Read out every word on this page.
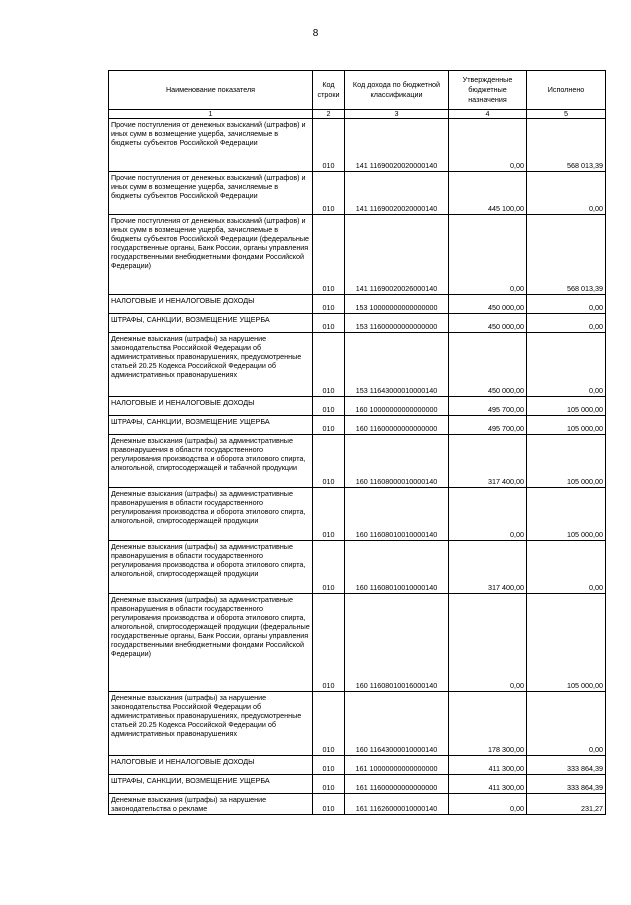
8
Наименование показателя	Код строки	Код дохода по бюджетной классификации	Утвержденные бюджетные назначения	Исполнено
1	2	3	4	5
Прочие поступления от денежных взысканий (штрафов) и иных сумм в возмещение ущерба, зачисляемые в бюджеты субъектов Российской Федерации	010	141 11690020020000140	0,00	568 013,39
Прочие поступления от денежных взысканий (штрафов) и иных сумм в возмещение ущерба, зачисляемые в бюджеты субъектов Российской Федерации	010	141 11690020020000140	445 100,00	0,00
Прочие поступления от денежных взысканий (штрафов) и иных сумм в возмещение ущерба, зачисляемые в бюджеты субъектов Российской Федерации (федеральные государственные органы, Банк России, органы управления государственными внебюджетными фондами Российской Федерации)	010	141 11690020026000140	0,00	568 013,39
НАЛОГОВЫЕ И НЕНАЛОГОВЫЕ ДОХОДЫ	010	153 10000000000000000	450 000,00	0,00
ШТРАФЫ, САНКЦИИ, ВОЗМЕЩЕНИЕ УЩЕРБА	010	153 11600000000000000	450 000,00	0,00
Денежные взыскания (штрафы) за нарушение законодательства Российской Федерации об административных правонарушениях, предусмотренные статьей 20.25 Кодекса Российской Федерации об административных правонарушениях	010	153 11643000010000140	450 000,00	0,00
НАЛОГОВЫЕ И НЕНАЛОГОВЫЕ ДОХОДЫ	010	160 10000000000000000	495 700,00	105 000,00
ШТРАФЫ, САНКЦИИ, ВОЗМЕЩЕНИЕ УЩЕРБА	010	160 11600000000000000	495 700,00	105 000,00
Денежные взыскания (штрафы) за административные правонарушения в области государственного регулирования производства и оборота этилового спирта, алкогольной, спиртосодержащей и табачной продукции	010	160 11608000010000140	317 400,00	105 000,00
Денежные взыскания (штрафы) за административные правонарушения в области государственного регулирования производства и оборота этилового спирта, алкогольной, спиртосодержащей продукции	010	160 11608010010000140	0,00	105 000,00
Денежные взыскания (штрафы) за административные правонарушения в области государственного регулирования производства и оборота этилового спирта, алкогольной, спиртосодержащей продукции	010	160 11608010010000140	317 400,00	0,00
Денежные взыскания (штрафы) за административные правонарушения в области государственного регулирования производства и оборота этилового спирта, алкогольной, спиртосодержащей продукции (федеральные государственные органы, Банк России, органы управления государственными внебюджетными фондами Российской Федерации)	010	160 11608010016000140	0,00	105 000,00
Денежные взыскания (штрафы) за нарушение законодательства Российской Федерации об административных правонарушениях, предусмотренные статьей 20.25 Кодекса Российской Федерации об административных правонарушениях	010	160 11643000010000140	178 300,00	0,00
НАЛОГОВЫЕ И НЕНАЛОГОВЫЕ ДОХОДЫ	010	161 10000000000000000	411 300,00	333 864,39
ШТРАФЫ, САНКЦИИ, ВОЗМЕЩЕНИЕ УЩЕРБА	010	161 11600000000000000	411 300,00	333 864,39
Денежные взыскания (штрафы) за нарушение законодательства о рекламе	010	161 11626000010000140	0,00	231,27
